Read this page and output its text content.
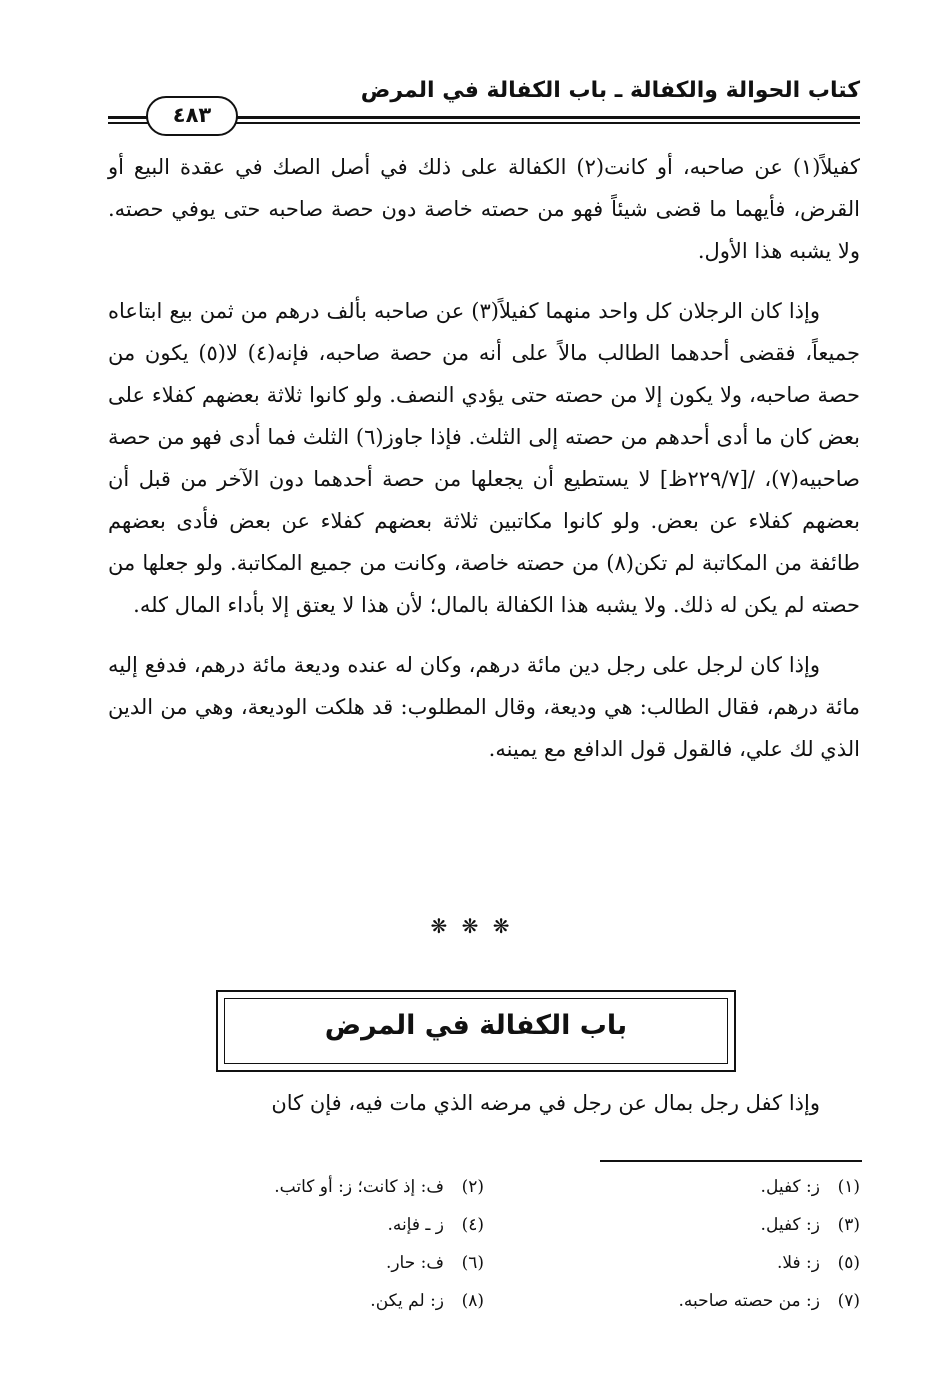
كتاب الحوالة والكفالة ـ باب الكفالة في المرض
٤٨٣

كفيلاً(١) عن صاحبه، أو كانت(٢) الكفالة على ذلك في أصل الصك في عقدة البيع أو القرض، فأيهما ما قضى شيئاً فهو من حصته خاصة دون حصة صاحبه حتى يوفي حصته. ولا يشبه هذا الأول.

وإذا كان الرجلان كل واحد منهما كفيلاً(٣) عن صاحبه بألف درهم من ثمن بيع ابتاعاه جميعاً، فقضى أحدهما الطالب مالاً على أنه من حصة صاحبه، فإنه(٤) لا(٥) يكون من حصة صاحبه، ولا يكون إلا من حصته حتى يؤدي النصف. ولو كانوا ثلاثة بعضهم كفلاء على بعض كان ما أدى أحدهم من حصته إلى الثلث. فإذا جاوز(٦) الثلث فما أدى فهو من حصة صاحبيه(٧)، /[٢٢٩/٧ظ] لا يستطيع أن يجعلها من حصة أحدهما دون الآخر من قبل أن بعضهم كفلاء عن بعض. ولو كانوا مكاتبين ثلاثة بعضهم كفلاء عن بعض فأدى بعضهم طائفة من المكاتبة لم تكن(٨) من حصته خاصة، وكانت من جميع المكاتبة. ولو جعلها من حصته لم يكن له ذلك. ولا يشبه هذا الكفالة بالمال؛ لأن هذا لا يعتق إلا بأداء المال كله.

وإذا كان لرجل على رجل دين مائة درهم، وكان له عنده وديعة مائة درهم، فدفع إليه مائة درهم، فقال الطالب: هي وديعة، وقال المطلوب: قد هلكت الوديعة، وهي من الدين الذي لك علي، فالقول قول الدافع مع يمينه.

❋ ❋ ❋
باب الكفالة في المرض

وإذا كفل رجل بمال عن رجل في مرضه الذي مات فيه، فإن كان

(١)ز: كفيل.
(٢)ف: إذ كانت؛ ز: أو كاتب.
(٣)ز: كفيل.
(٤)ز ـ فإنه.
(٥)ز: فلا.
(٦)ف: حار.
(٧)ز: من حصته صاحبه.
(٨)ز: لم يكن.
